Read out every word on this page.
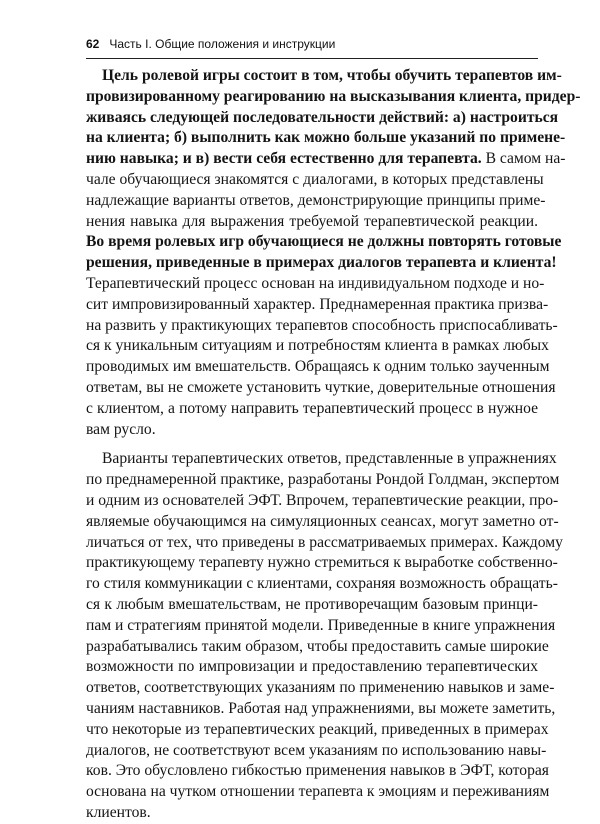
62 Часть I. Общие положения и инструкции
Цель ролевой игры состоит в том, чтобы обучить терапевтов им-
провизированному реагированию на высказывания клиента, придер-
живаясь следующей последовательности действий: а) настроиться
на клиента; б) выполнить как можно больше указаний по примене-
нию навыка; и в) вести себя естественно для терапевта. В самом на-
чале обучающиеся знакомятся с диалогами, в которых представлены
надлежащие варианты ответов, демонстрирующие принципы приме-
нения навыка для выражения требуемой терапевтической реакции.
Во время ролевых игр обучающиеся не должны повторять готовые
решения, приведенные в примерах диалогов терапевта и клиента!
Терапевтический процесс основан на индивидуальном подходе и но-
сит импровизированный характер. Преднамеренная практика призва-
на развить у практикующих терапевтов способность приспосабливать-
ся к уникальным ситуациям и потребностям клиента в рамках любых
проводимых им вмешательств. Обращаясь к одним только заученным
ответам, вы не сможете установить чуткие, доверительные отношения
с клиентом, а потому направить терапевтический процесс в нужное
вам русло.
Варианты терапевтических ответов, представленные в упражнениях
по преднамеренной практике, разработаны Рондой Голдман, экспертом
и одним из основателей ЭФТ. Впрочем, терапевтические реакции, про-
являемые обучающимся на симуляционных сеансах, могут заметно от-
личаться от тех, что приведены в рассматриваемых примерах. Каждому
практикующему терапевту нужно стремиться к выработке собственно-
го стиля коммуникации с клиентами, сохраняя возможность обращать-
ся к любым вмешательствам, не противоречащим базовым принци-
пам и стратегиям принятой модели. Приведенные в книге упражнения
разрабатывались таким образом, чтобы предоставить самые широкие
возможности по импровизации и предоставлению терапевтических
ответов, соответствующих указаниям по применению навыков и заме-
чаниям наставников. Работая над упражнениями, вы можете заметить,
что некоторые из терапевтических реакций, приведенных в примерах
диалогов, не соответствуют всем указаниям по использованию навы-
ков. Это обусловлено гибкостью применения навыков в ЭФТ, которая
основана на чутком отношении терапевта к эмоциям и переживаниям
клиентов.
